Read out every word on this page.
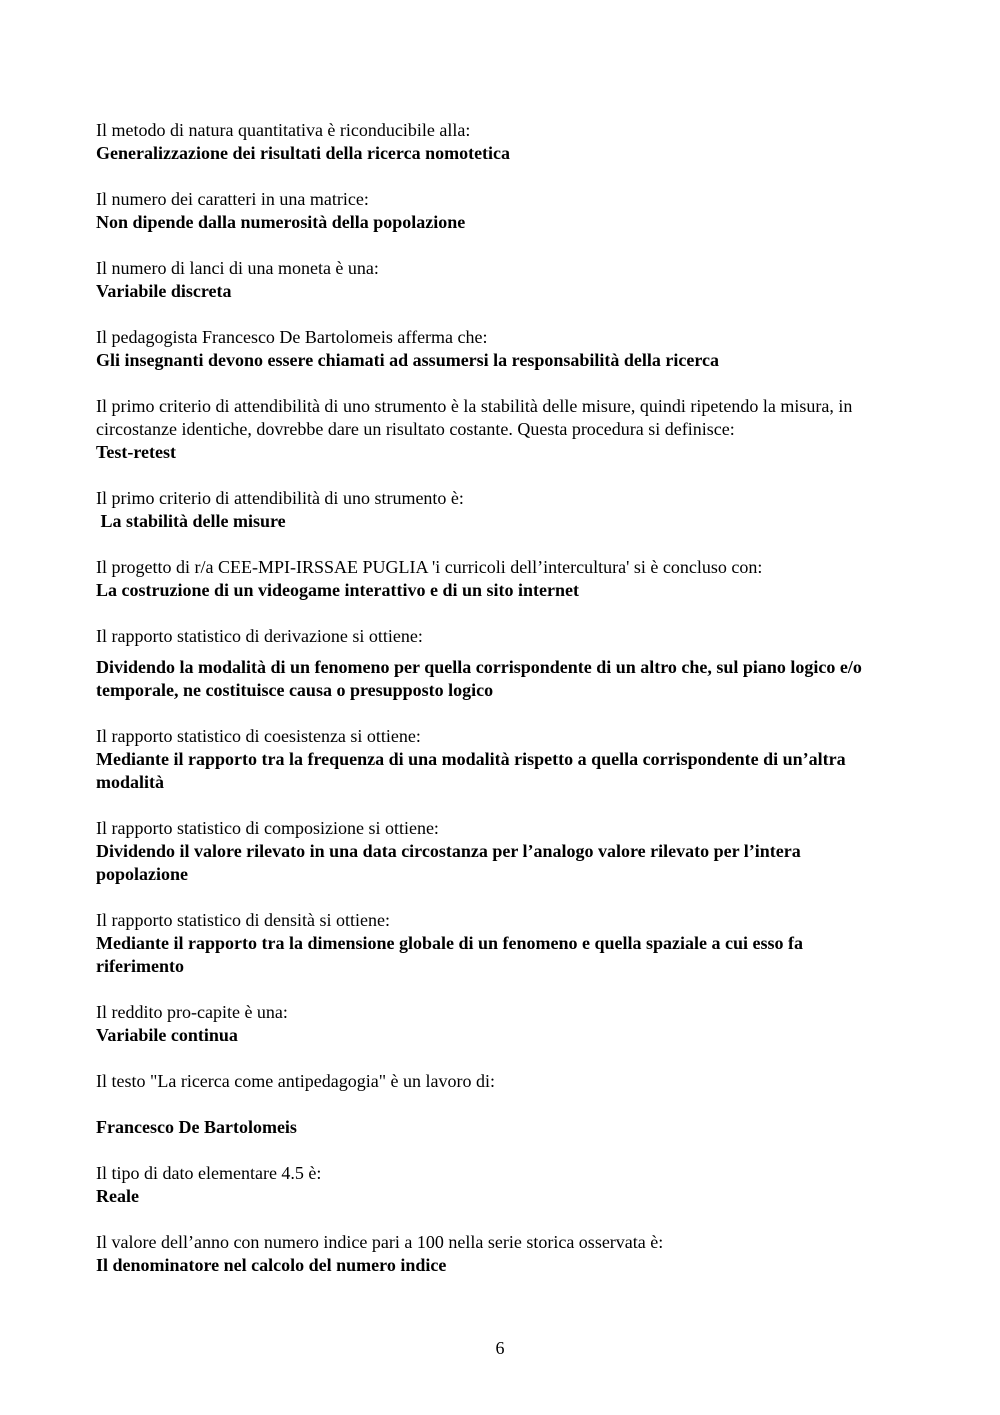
Il metodo di natura quantitativa è riconducibile alla:
Generalizzazione dei risultati della ricerca nomotetica
Il numero dei caratteri in una matrice:
Non dipende dalla numerosità della popolazione
Il numero di lanci di una moneta è una:
Variabile discreta
Il pedagogista Francesco De Bartolomeis afferma che:
Gli insegnanti devono essere chiamati ad assumersi la responsabilità della ricerca
Il primo criterio di attendibilità di uno strumento è la stabilità delle misure, quindi ripetendo la misura, in circostanze identiche, dovrebbe dare un risultato costante. Questa procedura si definisce:
Test-retest
Il primo criterio di attendibilità di uno strumento è:
La stabilità delle misure
Il progetto di r/a CEE-MPI-IRSSAE PUGLIA 'i curricoli dell’intercultura' si è concluso con:
La costruzione di un videogame interattivo e di un sito internet
Il rapporto statistico di derivazione si ottiene:
Dividendo la modalità di un fenomeno per quella corrispondente di un altro che, sul piano logico e/o temporale, ne costituisce causa o presupposto logico
Il rapporto statistico di coesistenza si ottiene:
Mediante il rapporto tra la frequenza di una modalità rispetto a quella corrispondente di un’altra modalità
Il rapporto statistico di composizione si ottiene:
Dividendo il valore rilevato in una data circostanza per l’analogo valore rilevato per l’intera popolazione
Il rapporto statistico di densità si ottiene:
Mediante il rapporto tra la dimensione globale di un fenomeno e quella spaziale a cui esso fa riferimento
Il reddito pro-capite è una:
Variabile continua
Il testo "La ricerca come antipedagogia" è un lavoro di:
Francesco De Bartolomeis
Il tipo di dato elementare 4.5 è:
Reale
Il valore dell’anno con numero indice pari a 100 nella serie storica osservata è:
Il denominatore nel calcolo del numero indice
6
